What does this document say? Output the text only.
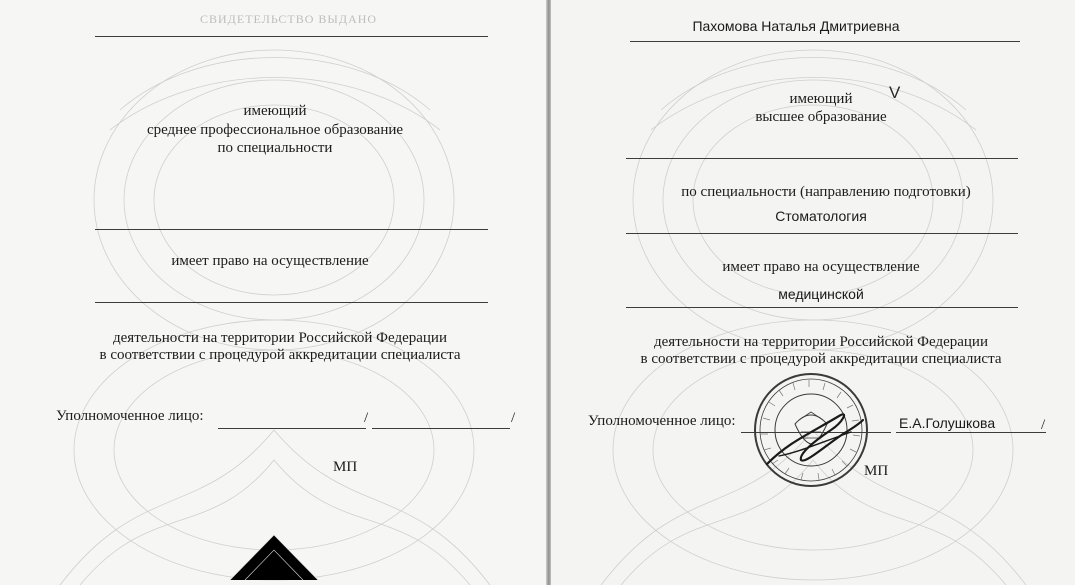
СВИДЕТЕЛЬСТВО ВЫДАНО
имеющий
среднее профессиональное образование
по специальности
имеет право на осуществление
деятельности на территории Российской Федерации
в соответствии с процедурой аккредитации специалиста
Уполномоченное лицо:	/	/
МП
Пахомова Наталья Дмитриевна
имеющий	V
высшее образование
по специальности (направлению подготовки)
Стоматология
имеет право на осуществление
медицинской
деятельности на территории Российской Федерации
в соответствии с процедурой аккредитации специалиста
Уполномоченное лицо:	Е.А.Голушкова	/
МП
